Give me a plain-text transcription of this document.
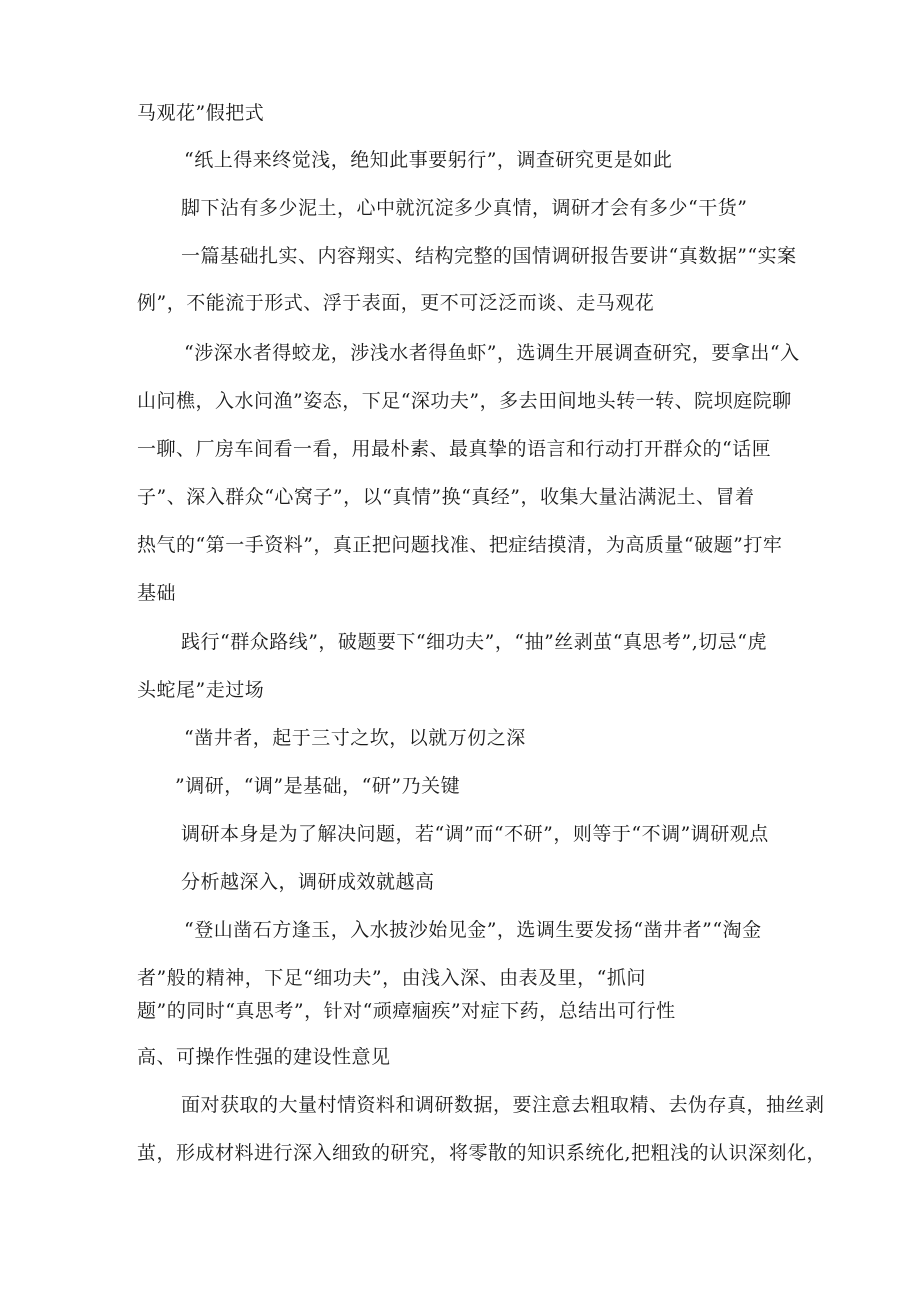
马观花”假把式
“纸上得来终觉浅，绝知此事要躬行”，调查研究更是如此
脚下沾有多少泥土，心中就沉淀多少真情，调研才会有多少“干货”
一篇基础扎实、内容翔实、结构完整的国情调研报告要讲“真数据”“实案
例”，不能流于形式、浮于表面，更不可泛泛而谈、走马观花
“涉深水者得蛟龙，涉浅水者得鱼虾”，选调生开展调查研究，要拿出“入
山问樵，入水问渔”姿态，下足“深功夫”，多去田间地头转一转、院坝庭院聊
一聊、厂房车间看一看，用最朴素、最真挚的语言和行动打开群众的“话匣
子”、深入群众“心窝子”，以“真情”换“真经”，收集大量沾满泥土、冒着
热气的“第一手资料”，真正把问题找准、把症结摸清，为高质量“破题”打牢
基础
践行“群众路线”，破题要下“细功夫”，“抽”丝剥茧“真思考”,切忌“虎
头蛇尾”走过场
“凿井者，起于三寸之坎，以就万仞之深
”调研，“调”是基础，“研”乃关键
调研本身是为了解决问题，若“调”而“不研”，则等于“不调”调研观点
分析越深入，调研成效就越高
“登山凿石方逢玉，入水披沙始见金”，选调生要发扬“凿井者”“淘金
者”般的精神，下足“细功夫”，由浅入深、由表及里，“抓问
题”的同时“真思考”，针对“顽瘴痼疾”对症下药，总结出可行性
高、可操作性强的建设性意见
面对获取的大量村情资料和调研数据，要注意去粗取精、去伪存真，抽丝剥
茧，形成材料进行深入细致的研究，将零散的知识系统化,把粗浅的认识深刻化，
